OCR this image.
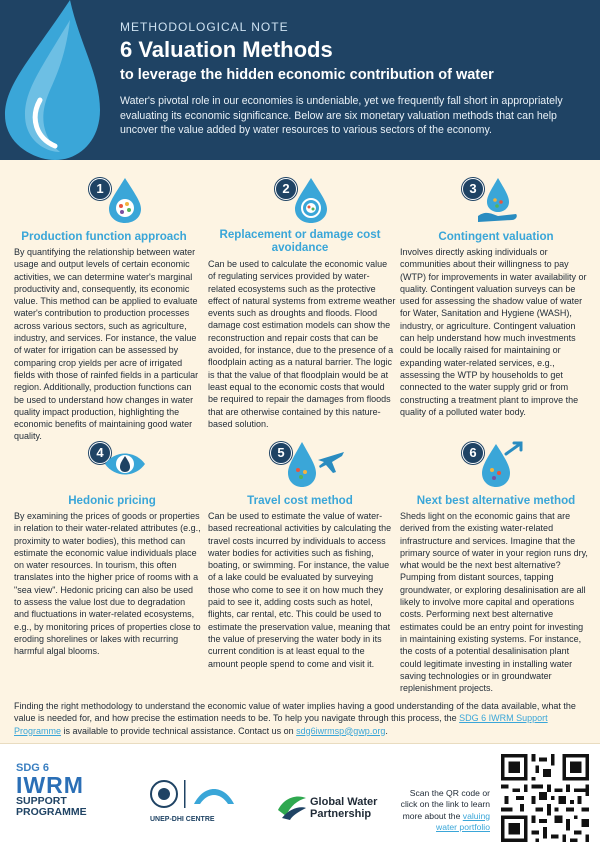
METHODOLOGICAL NOTE
6 Valuation Methods
to leverage the hidden economic contribution of water
Water's pivotal role in our economies is undeniable, yet we frequently fall short in appropriately evaluating its economic significance. Below are six monetary valuation methods that can help uncover the value added by water resources to various sectors of the economy.
1
Production function approach
By quantifying the relationship between water usage and output levels of certain economic activities, we can determine water's marginal productivity and, consequently, its economic value. This method can be applied to evaluate water's contribution to production processes across various sectors, such as agriculture, industry, and services. For instance, the value of water for irrigation can be assessed by comparing crop yields per acre of irrigated fields with those of rainfed fields in a particular region. Additionally, production functions can be used to understand how changes in water quality impact production, highlighting the economic benefits of maintaining good water quality.
2
Replacement or damage cost avoidance
Can be used to calculate the economic value of regulating services provided by water-related ecosystems such as the protective effect of natural systems from extreme weather events such as droughts and floods. Flood damage cost estimation models can show the reconstruction and repair costs that can be avoided, for instance, due to the presence of a floodplain acting as a natural barrier. The logic is that the value of that floodplain would be at least equal to the economic costs that would be required to repair the damages from floods that are otherwise contained by this nature-based solution.
3
Contingent valuation
Involves directly asking individuals or communities about their willingness to pay (WTP) for improvements in water availability or quality. Contingent valuation surveys can be used for assessing the shadow value of water for Water, Sanitation and Hygiene (WASH), industry, or agriculture. Contingent valuation can help understand how much investments could be locally raised for maintaining or expanding water-related services, e.g., assessing the WTP by households to get connected to the water supply grid or from constructing a treatment plant to improve the quality of a polluted water body.
4
Hedonic pricing
By examining the prices of goods or properties in relation to their water-related attributes (e.g., proximity to water bodies), this method can estimate the economic value individuals place on water resources. In tourism, this often translates into the higher price of rooms with a "sea view". Hedonic pricing can also be used to assess the value lost due to degradation and fluctuations in water-related ecosystems, e.g., by monitoring prices of properties close to eroding shorelines or lakes with recurring harmful algal blooms.
5
Travel cost method
Can be used to estimate the value of water-based recreational activities by calculating the travel costs incurred by individuals to access water bodies for activities such as fishing, boating, or swimming. For instance, the value of a lake could be evaluated by surveying those who come to see it on how much they paid to see it, adding costs such as hotel, flights, car rental, etc. This could be used to estimate the preservation value, meaning that the value of preserving the water body in its current condition is at least equal to the amount people spend to come and visit it.
6
Next best alternative method
Sheds light on the economic gains that are derived from the existing water-related infrastructure and services. Imagine that the primary source of water in your region runs dry, what would be the next best alternative? Pumping from distant sources, tapping groundwater, or exploring desalinisation are all likely to involve more capital and operations costs. Performing next best alternative estimates could be an entry point for investing in maintaining existing systems. For instance, the costs of a potential desalinisation plant could legitimate investing in installing water saving technologies or in groundwater replenishment projects.
Finding the right methodology to understand the economic value of water implies having a good understanding of the data available, what the value is needed for, and how precise the estimation needs to be. To help you navigate through this process, the SDG 6 IWRM Support Programme is available to provide technical assistance. Contact us on sdg6iwrmsp@gwp.org.
SDG 6
IWRM
SUPPORT
PROGRAMME
UNEP-DHI CENTRE
Global Water
Partnership
Scan the QR code or click on the link to learn more about the valuing water portfolio
